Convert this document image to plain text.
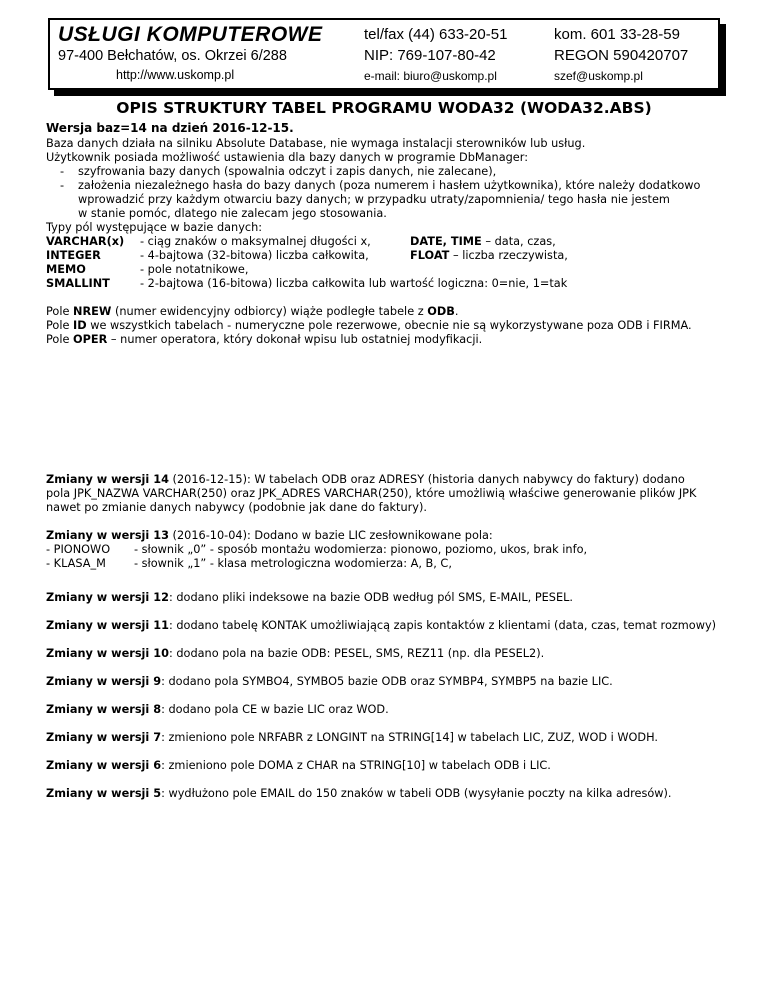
USŁUGI KOMPUTEROWE
97-400 Bełchatów, os. Okrzei 6/288
http://www.uskomp.pl
tel/fax (44) 633-20-51
NIP: 769-107-80-42
e-mail: biuro@uskomp.pl
kom. 601 33-28-59
REGON 590420707
szef@uskomp.pl
OPIS STRUKTURY TABEL PROGRAMU WODA32 (WODA32.ABS)
Wersja baz=14 na dzień 2016-12-15.
Baza danych działa na silniku Absolute Database, nie wymaga instalacji sterowników lub usług.
Użytkownik posiada możliwość ustawienia dla bazy danych w programie DbManager:
- szyfrowania bazy danych (spowalnia odczyt i zapis danych, nie zalecane),
- założenia niezależnego hasła do bazy danych (poza numerem i hasłem użytkownika), które należy dodatkowo
wprowadzić przy każdym otwarciu bazy danych; w przypadku utraty/zapomnienia/ tego hasła nie jestem
w stanie pomóc, dlatego nie zalecam jego stosowania.
Typy pól występujące w bazie danych:
VARCHAR(x) - ciąg znaków o maksymalnej długości x,	DATE, TIME – data, czas,
INTEGER	- 4-bajtowa (32-bitowa) liczba całkowita,	FLOAT – liczba rzeczywista,
MEMO	- pole notatnikowe,
SMALLINT	- 2-bajtowa (16-bitowa) liczba całkowita lub wartość logiczna: 0=nie, 1=tak
Pole NREW (numer ewidencyjny odbiorcy) wiąże podległe tabele z ODB.
Pole ID we wszystkich tabelach - numeryczne pole rezerwowe, obecnie nie są wykorzystywane poza ODB i FIRMA.
Pole OPER – numer operatora, który dokonał wpisu lub ostatniej modyfikacji.
Zmiany w wersji 14 (2016-12-15): W tabelach ODB oraz ADRESY (historia danych nabywcy do faktury) dodano
pola JPK_NAZWA VARCHAR(250) oraz JPK_ADRES VARCHAR(250), które umożliwią właściwe generowanie plików JPK
nawet po zmianie danych nabywcy (podobnie jak dane do faktury).
Zmiany w wersji 13 (2016-10-04): Dodano w bazie LIC zesłownikowane pola:
- PIONOWO - słownik „0” - sposób montażu wodomierza: pionowo, poziomo, ukos, brak info,
- KLASA_M - słownik „1” - klasa metrologiczna wodomierza: A, B, C,
Zmiany w wersji 12: dodano pliki indeksowe na bazie ODB według pól SMS, E-MAIL, PESEL.
Zmiany w wersji 11: dodano tabelę KONTAK umożliwiającą zapis kontaktów z klientami (data, czas, temat rozmowy)
Zmiany w wersji 10: dodano pola na bazie ODB: PESEL, SMS, REZ11 (np. dla PESEL2).
Zmiany w wersji 9: dodano pola SYMBO4, SYMBO5 bazie ODB oraz SYMBP4, SYMBP5 na bazie LIC.
Zmiany w wersji 8: dodano pola CE w bazie LIC oraz WOD.
Zmiany w wersji 7: zmieniono pole NRFABR z LONGINT na STRING[14] w tabelach LIC, ZUZ, WOD i WODH.
Zmiany w wersji 6: zmieniono pole DOMA z CHAR na STRING[10] w tabelach ODB i LIC.
Zmiany w wersji 5: wydłużono pole EMAIL do 150 znaków w tabeli ODB (wysyłanie poczty na kilka adresów).
